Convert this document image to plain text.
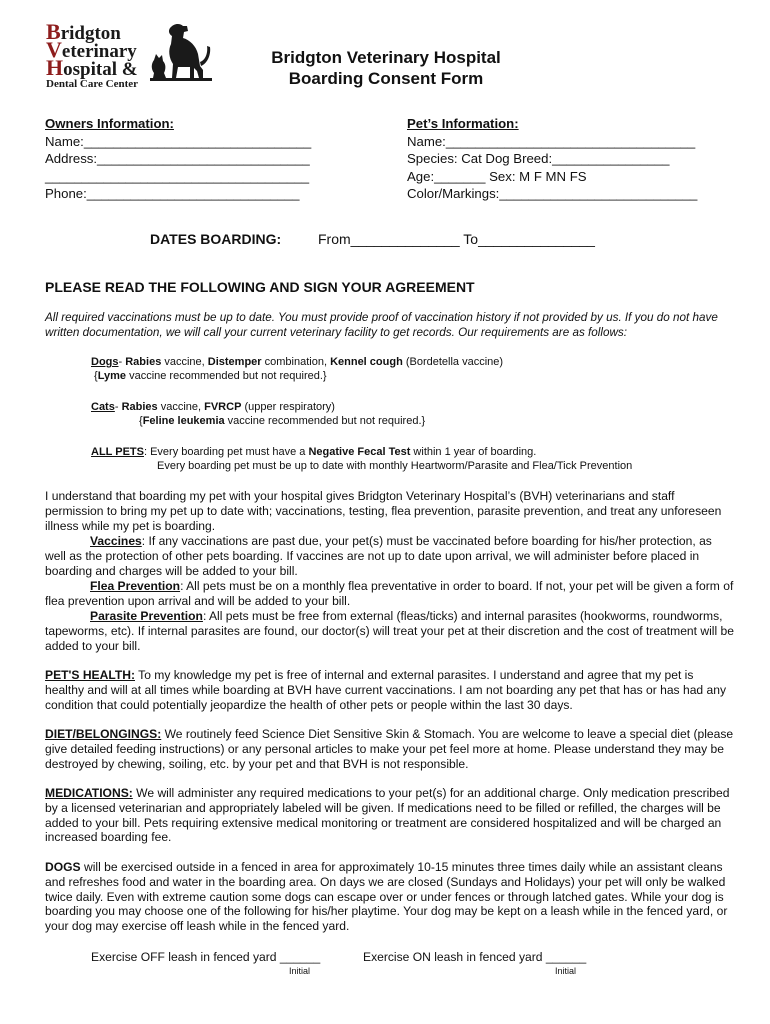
Bridgton
Veterinary
Hospital &
Dental Care Center
Bridgton Veterinary Hospital
Boarding Consent Form
Owners Information:
Name:_______________________________
Address:_____________________________
____________________________________
Phone:_____________________________
Pet’s Information:
Name:__________________________________
Species: Cat Dog Breed:________________
Age:_______ Sex: M F MN FS
Color/Markings:___________________________
DATES BOARDING:	From______________ To_______________
PLEASE READ THE FOLLOWING AND SIGN YOUR AGREEMENT
All required vaccinations must be up to date. You must provide proof of vaccination history if not provided by us. If you do not have written documentation, we will call your current veterinary facility to get records. Our requirements are as follows:
Dogs- Rabies vaccine, Distemper combination, Kennel cough (Bordetella vaccine)
{Lyme vaccine recommended but not required.}
Cats- Rabies vaccine, FVRCP (upper respiratory)
{Feline leukemia vaccine recommended but not required.}
ALL PETS: Every boarding pet must have a Negative Fecal Test within 1 year of boarding.
Every boarding pet must be up to date with monthly Heartworm/Parasite and Flea/Tick Prevention
I understand that boarding my pet with your hospital gives Bridgton Veterinary Hospital’s (BVH) veterinarians and staff permission to bring my pet up to date with; vaccinations, testing, flea prevention, parasite prevention, and treat any unforeseen illness while my pet is boarding.
Vaccines: If any vaccinations are past due, your pet(s) must be vaccinated before boarding for his/her protection, as well as the protection of other pets boarding. If vaccines are not up to date upon arrival, we will administer before placed in boarding and charges will be added to your bill.
Flea Prevention: All pets must be on a monthly flea preventative in order to board. If not, your pet will be given a form of flea prevention upon arrival and will be added to your bill.
Parasite Prevention: All pets must be free from external (fleas/ticks) and internal parasites (hookworms, roundworms, tapeworms, etc). If internal parasites are found, our doctor(s) will treat your pet at their discretion and the cost of treatment will be added to your bill.
PET'S HEALTH: To my knowledge my pet is free of internal and external parasites. I understand and agree that my pet is healthy and will at all times while boarding at BVH have current vaccinations. I am not boarding any pet that has or has had any condition that could potentially jeopardize the health of other pets or people within the last 30 days.
DIET/BELONGINGS: We routinely feed Science Diet Sensitive Skin & Stomach. You are welcome to leave a special diet (please give detailed feeding instructions) or any personal articles to make your pet feel more at home. Please understand they may be destroyed by chewing, soiling, etc. by your pet and that BVH is not responsible.
MEDICATIONS: We will administer any required medications to your pet(s) for an additional charge. Only medication prescribed by a licensed veterinarian and appropriately labeled will be given. If medications need to be filled or refilled, the charges will be added to your bill. Pets requiring extensive medical monitoring or treatment are considered hospitalized and will be charged an increased boarding fee.
DOGS will be exercised outside in a fenced in area for approximately 10-15 minutes three times daily while an assistant cleans and refreshes food and water in the boarding area. On days we are closed (Sundays and Holidays) your pet will only be walked twice daily. Even with extreme caution some dogs can escape over or under fences or through latched gates. While your dog is boarding you may choose one of the following for his/her playtime. Your dog may be kept on a leash while in the fenced yard, or your dog may exercise off leash while in the fenced yard.
Exercise OFF leash in fenced yard ______	Exercise ON leash in fenced yard ______
Initial	Initial
